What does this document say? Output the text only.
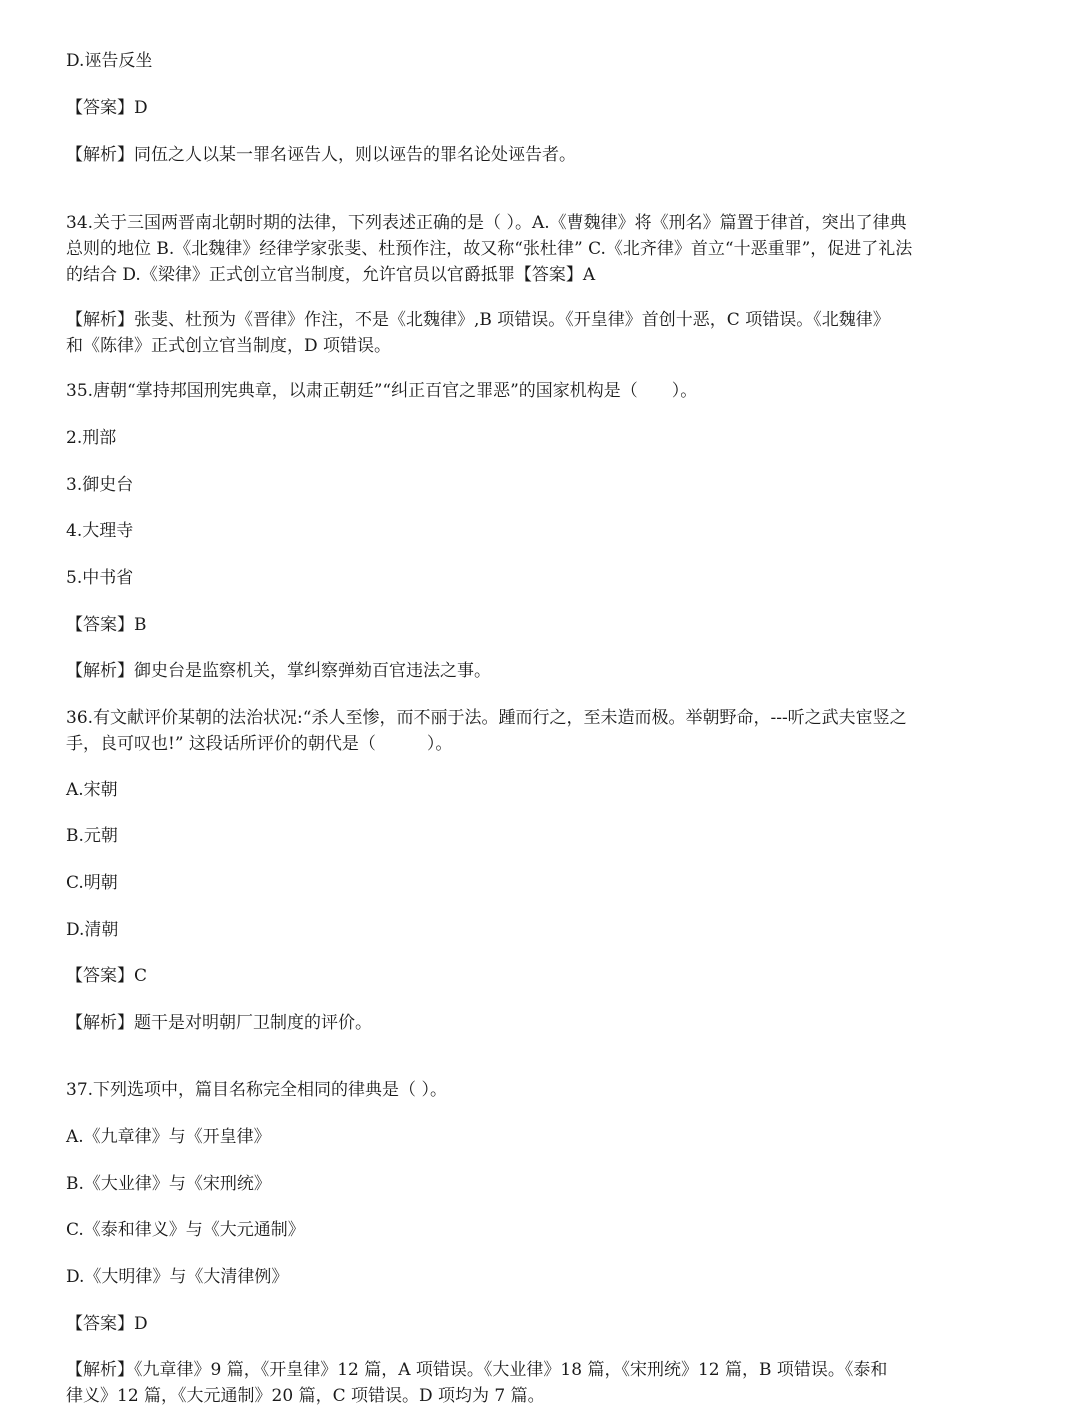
D.诬告反坐

【答案】D

【解析】同伍之人以某一罪名诬告人，则以诬告的罪名论处诬告者。

34.关于三国两晋南北朝时期的法律，下列表述正确的是（ ）。A.《曹魏律》将《刑名》篇置于律首，突出了律典
总则的地位 B.《北魏律》经律学家张斐、杜预作注，故又称“张杜律” C.《北齐律》首立“十恶重罪”，促进了礼法
的结合 D.《梁律》正式创立官当制度，允许官员以官爵抵罪【答案】A
【解析】张斐、杜预为《晋律》作注，不是《北魏律》,B 项错误。《开皇律》首创十恶，C 项错误。《北魏律》
和《陈律》正式创立官当制度，D 项错误。

35.唐朝“掌持邦国刑宪典章，以肃正朝廷”“纠正百官之罪恶”的国家机构是（　　）。

2.刑部

3.御史台

4.大理寺

5.中书省

【答案】B

【解析】御史台是监察机关，掌纠察弹劾百官违法之事。

36.有文献评价某朝的法治状况:“杀人至惨，而不丽于法。踵而行之，至未造而极。举朝野命，---听之武夫宦竖之
手，良可叹也!” 这段话所评价的朝代是（　　　）。

A.宋朝

B.元朝

C.明朝

D.清朝

【答案】C

【解析】题干是对明朝厂卫制度的评价。

37.下列选项中，篇目名称完全相同的律典是（ ）。

A.《九章律》与《开皇律》

B.《大业律》与《宋刑统》

C.《泰和律义》与《大元通制》

D.《大明律》与《大清律例》

【答案】D

【解析】《九章律》9 篇，《开皇律》12 篇，A 项错误。《大业律》18 篇，《宋刑统》12 篇，B 项错误。《泰和
律义》12 篇，《大元通制》20 篇，C 项错误。D 项均为 7 篇。
